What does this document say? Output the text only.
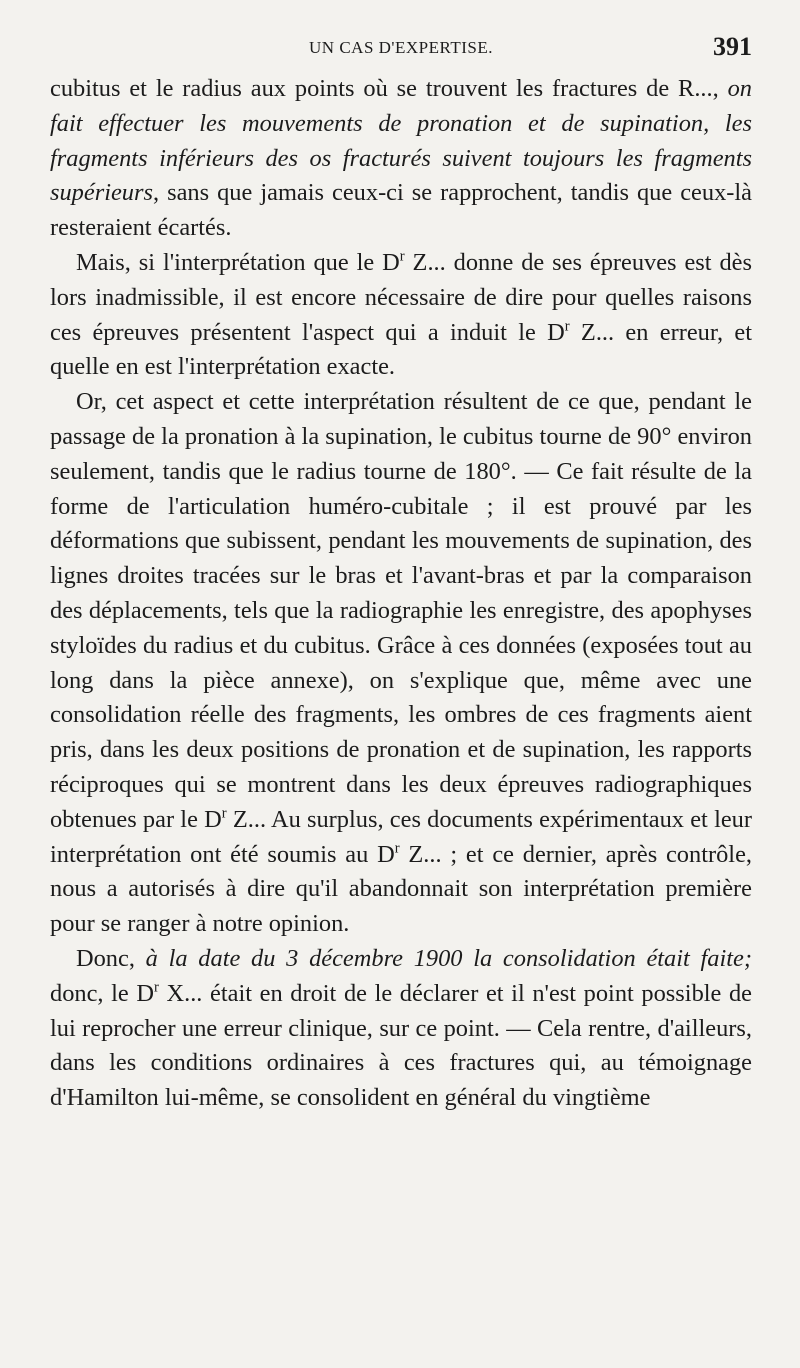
UN CAS D'EXPERTISE.	391

cubitus et le radius aux points où se trouvent les fractures de R..., on fait effectuer les mouvements de pronation et de supination, les fragments inférieurs des os fracturés suivent toujours les fragments supérieurs, sans que jamais ceux-ci se rapprochent, tandis que ceux-là resteraient écartés.

Mais, si l'interprétation que le $D^r$ Z... donne de ses épreuves est dès lors inadmissible, il est encore nécessaire de dire pour quelles raisons ces épreuves présentent l'aspect qui a induit le $D^r$ Z... en erreur, et quelle en est l'interprétation exacte.

Or, cet aspect et cette interprétation résultent de ce que, pendant le passage de la pronation à la supination, le cubitus tourne de 90° environ seulement, tandis que le radius tourne de 180°. — Ce fait résulte de la forme de l'articulation huméro-cubitale ; il est prouvé par les déformations que subissent, pendant les mouvements de supination, des lignes droites tracées sur le bras et l'avant-bras et par la comparaison des déplacements, tels que la radiographie les enregistre, des apophyses styloïdes du radius et du cubitus. Grâce à ces données (exposées tout au long dans la pièce annexe), on s'explique que, même avec une consolidation réelle des fragments, les ombres de ces fragments aient pris, dans les deux positions de pronation et de supination, les rapports réciproques qui se montrent dans les deux épreuves radiographiques obtenues par le $D^r$ Z... Au surplus, ces documents expérimentaux et leur interprétation ont été soumis au $D^r$ Z... ; et ce dernier, après contrôle, nous a autorisés à dire qu'il abandonnait son interprétation première pour se ranger à notre opinion.

Donc, à la date du 3 décembre 1900 la consolidation était faite; donc, le $D^r$ X... était en droit de le déclarer et il n'est point possible de lui reprocher une erreur clinique, sur ce point. — Cela rentre, d'ailleurs, dans les conditions ordinaires à ces fractures qui, au témoignage d'Hamilton lui-même, se consolident en général du vingtième
